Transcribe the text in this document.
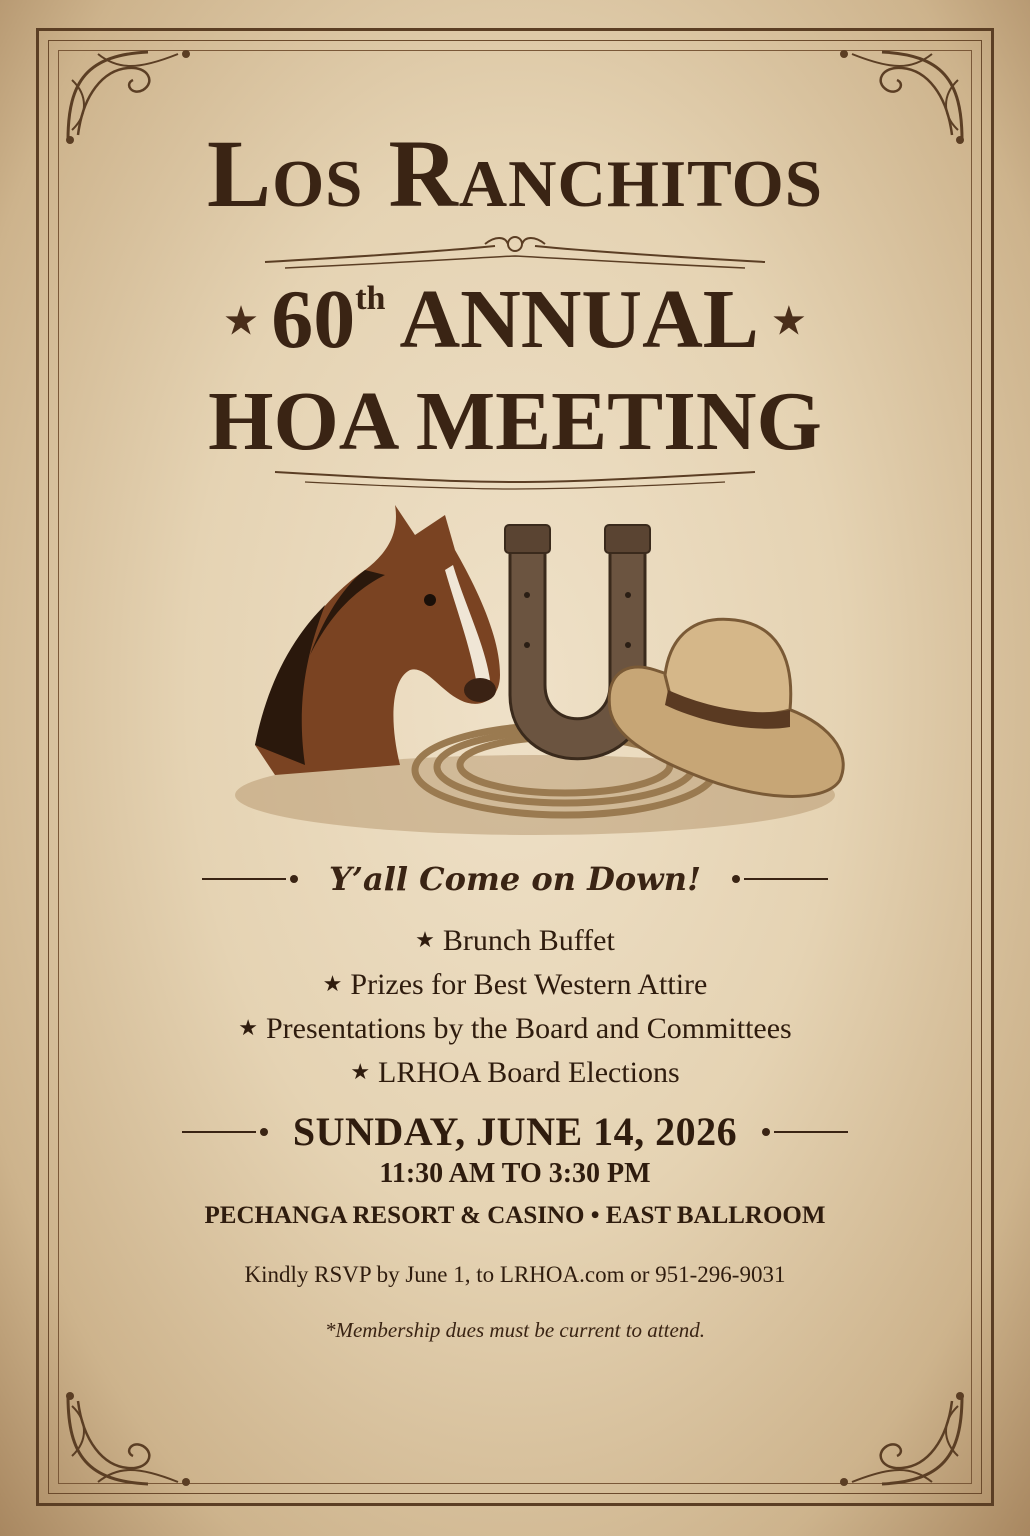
Los Ranchitos
★ 60th ANNUAL ★
HOA MEETING
Y’all Come on Down!
★ Brunch Buffet
★ Prizes for Best Western Attire
★ Presentations by the Board and Committees
★ LRHOA Board Elections
SUNDAY, JUNE 14, 2026
11:30 AM TO 3:30 PM
PECHANGA RESORT & CASINO • EAST BALLROOM
Kindly RSVP by June 1, to LRHOA.com or 951-296-9031
*Membership dues must be current to attend.
